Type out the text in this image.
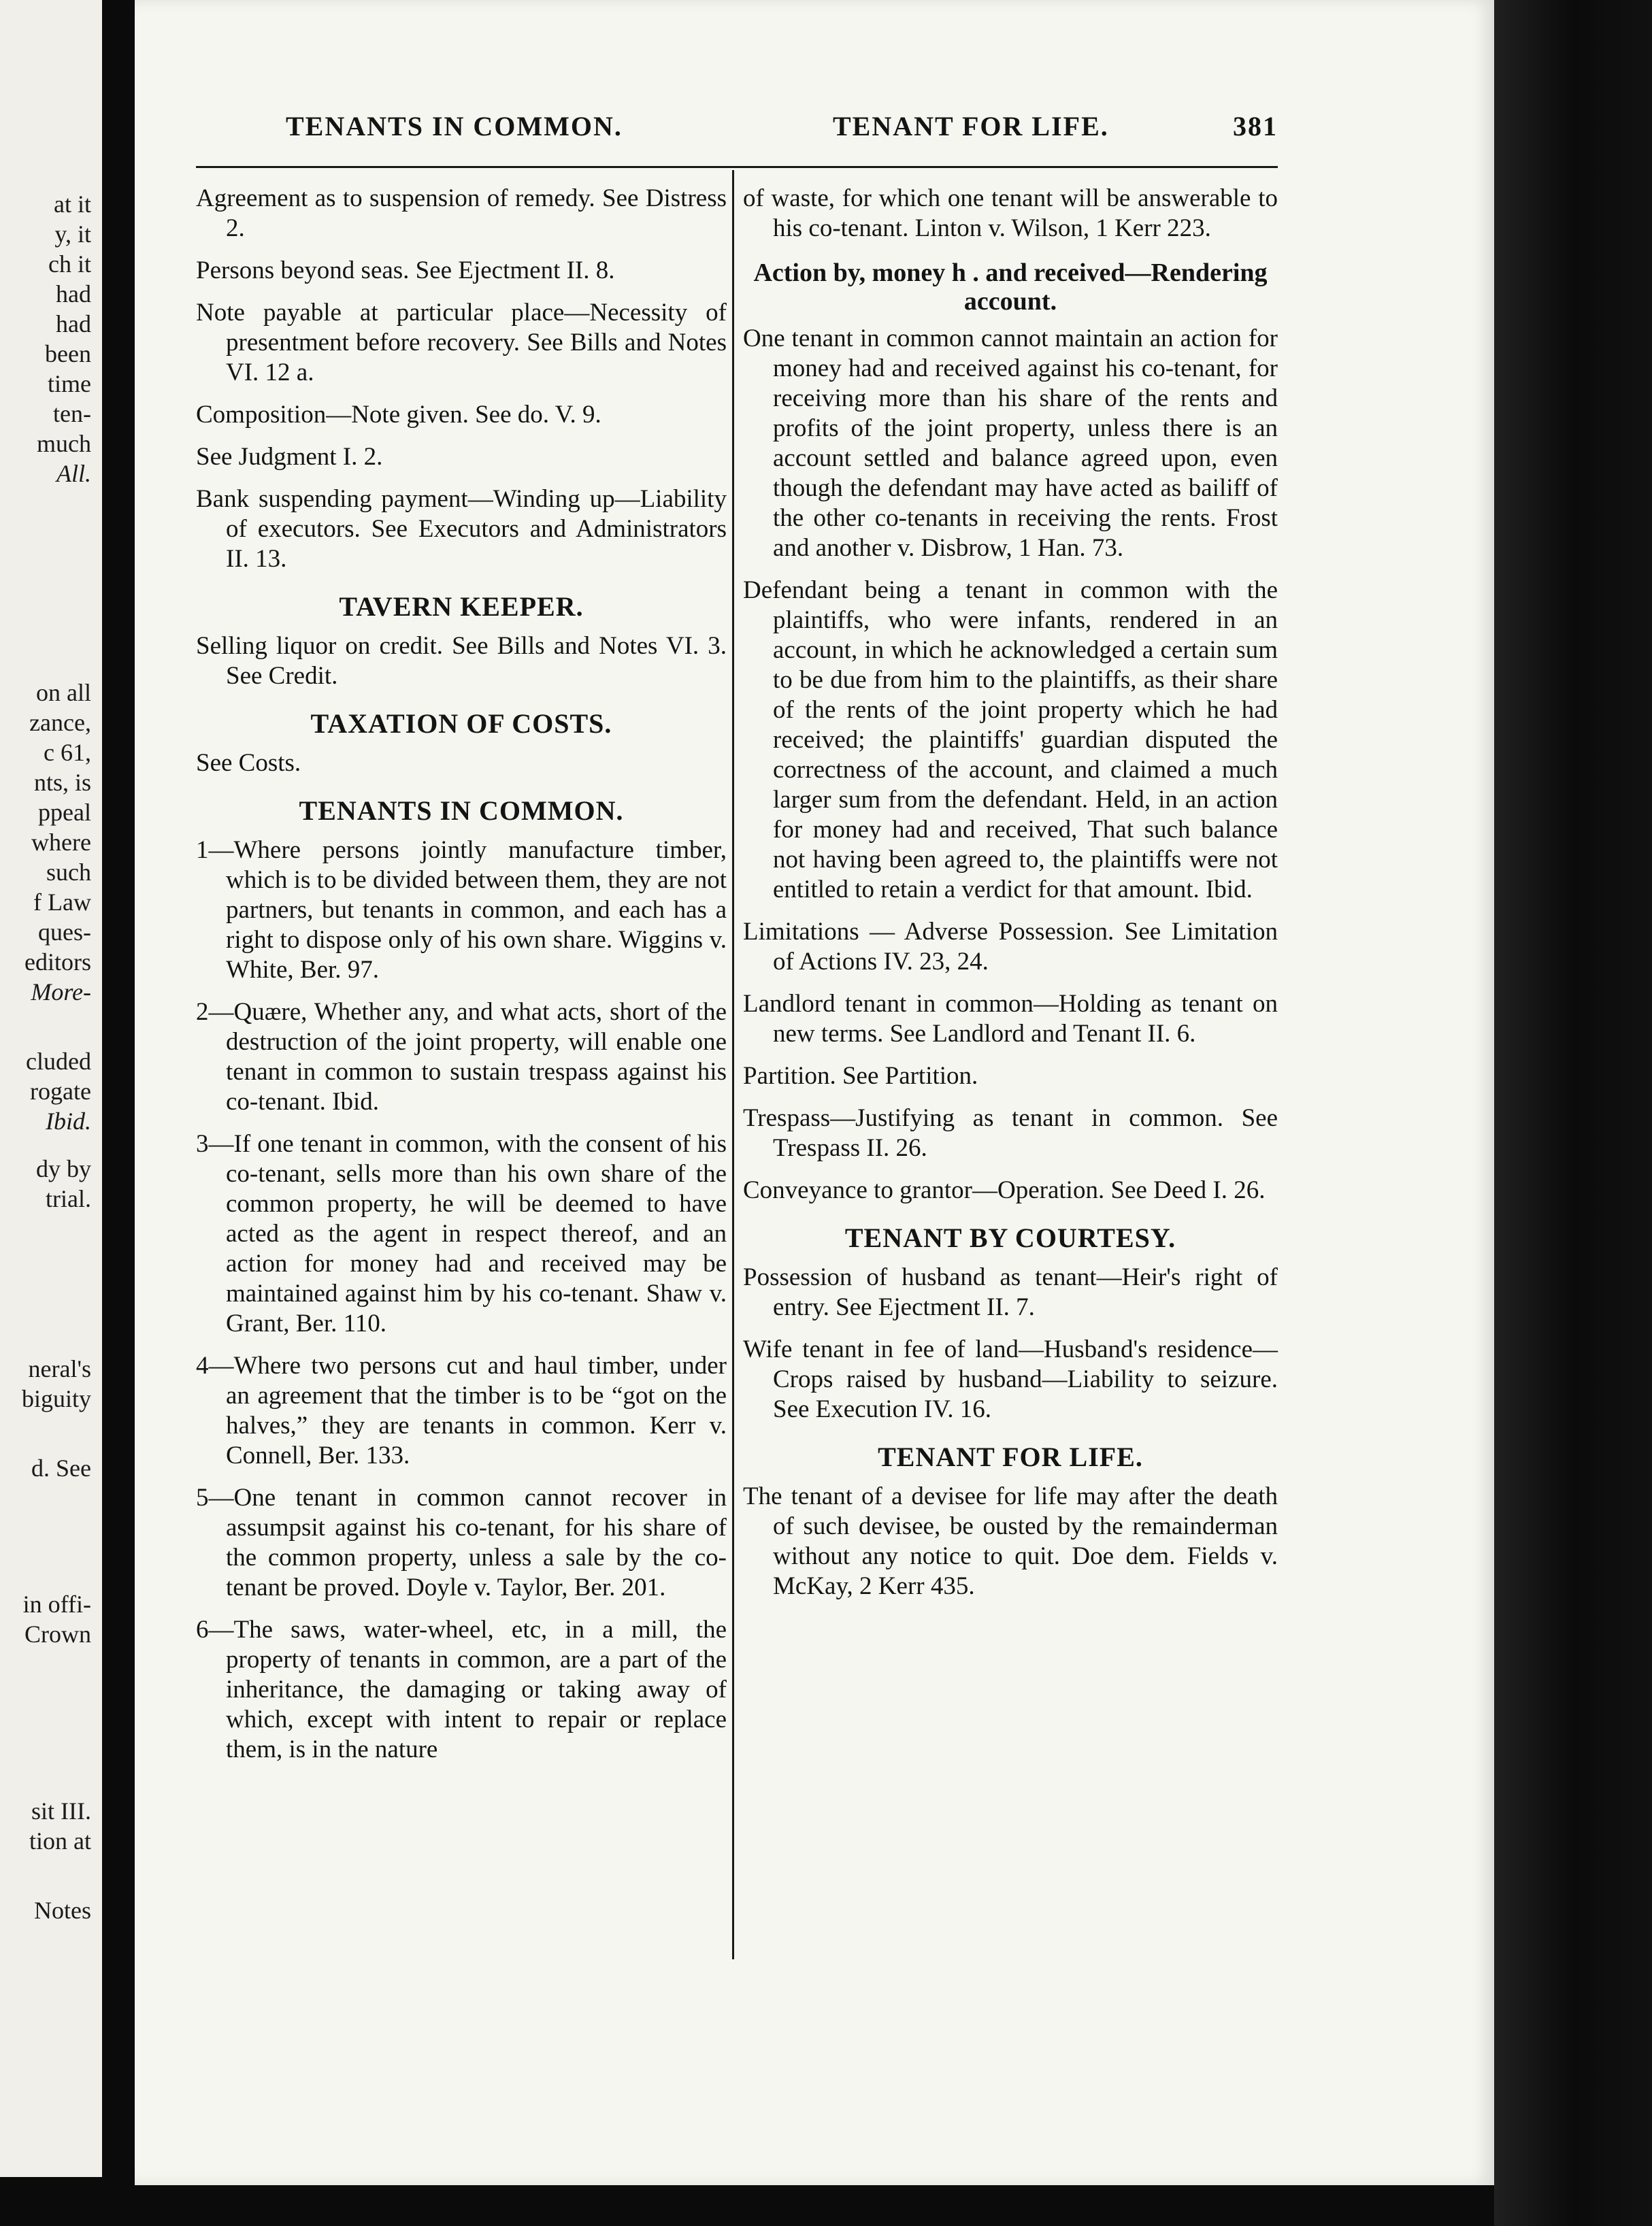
at it
y, it
ch it
had
had
been
time
ten-
much
All.
on all
zance,
c 61,
nts, is
ppeal
where
such
f Law
ques-
editors
More-
cluded
rogate
Ibid.
dy by
trial.
neral's
biguity
d. See
in offi-
Crown
sit III.
tion at
Notes
TENANTS IN COMMON.	TENANT FOR LIFE.	381
Agreement as to suspension of remedy. See Distress 2.
Persons beyond seas. See Ejectment II. 8.
Note payable at particular place—Necessity of presentment before recovery. See Bills and Notes VI. 12 a.
Composition—Note given. See do. V. 9.
See Judgment I. 2.
Bank suspending payment—Winding up—Liability of executors. See Executors and Administrators II. 13.
TAVERN KEEPER.
Selling liquor on credit. See Bills and Notes VI. 3. See Credit.
TAXATION OF COSTS.
See Costs.
TENANTS IN COMMON.
1—Where persons jointly manufacture timber, which is to be divided between them, they are not partners, but tenants in common, and each has a right to dispose only of his own share. Wiggins v. White, Ber. 97.
2—Quære, Whether any, and what acts, short of the destruction of the joint property, will enable one tenant in common to sustain trespass against his co-tenant. Ibid.
3—If one tenant in common, with the consent of his co-tenant, sells more than his own share of the common property, he will be deemed to have acted as the agent in respect thereof, and an action for money had and received may be maintained against him by his co-tenant. Shaw v. Grant, Ber. 110.
4—Where two persons cut and haul timber, under an agreement that the timber is to be “got on the halves,” they are tenants in common. Kerr v. Connell, Ber. 133.
5—One tenant in common cannot recover in assumpsit against his co-tenant, for his share of the common property, unless a sale by the co-tenant be proved. Doyle v. Taylor, Ber. 201.
6—The saws, water-wheel, etc, in a mill, the property of tenants in common, are a part of the inheritance, the damaging or taking away of which, except with intent to repair or replace them, is in the nature
of waste, for which one tenant will be answerable to his co-tenant. Linton v. Wilson, 1 Kerr 223.
Action by, money h . and received—Rendering account.
One tenant in common cannot maintain an action for money had and received against his co-tenant, for receiving more than his share of the rents and profits of the joint property, unless there is an account settled and balance agreed upon, even though the defendant may have acted as bailiff of the other co-tenants in receiving the rents. Frost and another v. Disbrow, 1 Han. 73.
Defendant being a tenant in common with the plaintiffs, who were infants, rendered in an account, in which he acknowledged a certain sum to be due from him to the plaintiffs, as their share of the rents of the joint property which he had received; the plaintiffs' guardian disputed the correctness of the account, and claimed a much larger sum from the defendant. Held, in an action for money had and received, That such balance not having been agreed to, the plaintiffs were not entitled to retain a verdict for that amount. Ibid.
Limitations — Adverse Possession. See Limitation of Actions IV. 23, 24.
Landlord tenant in common—Holding as tenant on new terms. See Landlord and Tenant II. 6.
Partition. See Partition.
Trespass—Justifying as tenant in common. See Trespass II. 26.
Conveyance to grantor—Operation. See Deed I. 26.
TENANT BY COURTESY.
Possession of husband as tenant—Heir's right of entry. See Ejectment II. 7.
Wife tenant in fee of land—Husband's residence—Crops raised by husband—Liability to seizure. See Execution IV. 16.
TENANT FOR LIFE.
The tenant of a devisee for life may after the death of such devisee, be ousted by the remainderman without any notice to quit. Doe dem. Fields v. McKay, 2 Kerr 435.
